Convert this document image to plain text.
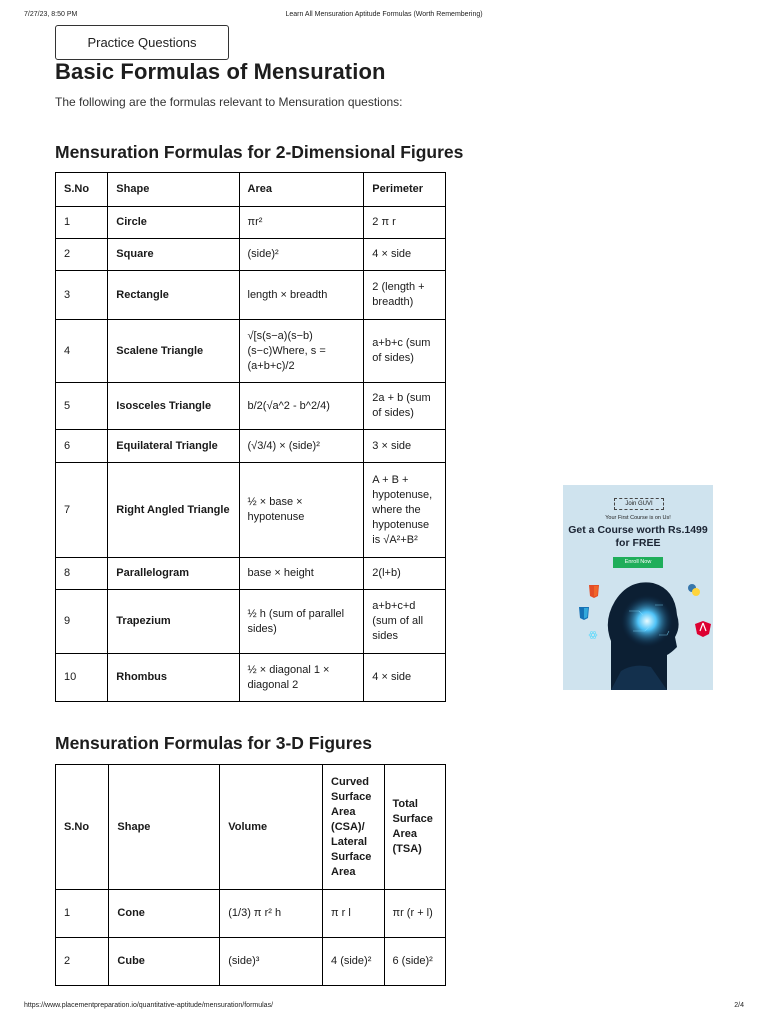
7/27/23, 8:50 PM	Learn All Mensuration Aptitude Formulas (Worth Remembering)
Practice Questions
Basic Formulas of Mensuration

The following are the formulas relevant to Mensuration questions:

Mensuration Formulas for 2-Dimensional Figures
S.No	Shape	Area	Perimeter
1	Circle	πr²	2 π r
2	Square	(side)²	4 × side
3	Rectangle	length × breadth	2 (length + breadth)
4	Scalene Triangle	√[s(s−a)(s−b)(s−c)Where, s = (a+b+c)/2	a+b+c (sum of sides)
5	Isosceles Triangle	b/2(√a^2 - b^2/4)	2a + b (sum of sides)
6	Equilateral Triangle	(√3/4) × (side)²	3 × side
7	Right Angled Triangle	½ × base × hypotenuse	A + B + hypotenuse, where the hypotenuse is √A²+B²
8	Parallelogram	base × height	2(l+b)
9	Trapezium	½ h (sum of parallel sides)	a+b+c+d (sum of all sides
10	Rhombus	½ × diagonal 1 × diagonal 2	4 × side
Mensuration Formulas for 3-D Figures
S.No	Shape	Volume	Curved Surface Area (CSA)/ Lateral Surface Area	Total Surface Area (TSA)
1	Cone	(1/3) π r² h	π r l	πr (r + l)
2	Cube	(side)³	4 (side)²	6 (side)²
Join GUVI
Your First Course is on Us!
Get a Course worth Rs.1499 for FREE
Enroll Now
https://www.placementpreparation.io/quantitative-aptitude/mensuration/formulas/	2/4
